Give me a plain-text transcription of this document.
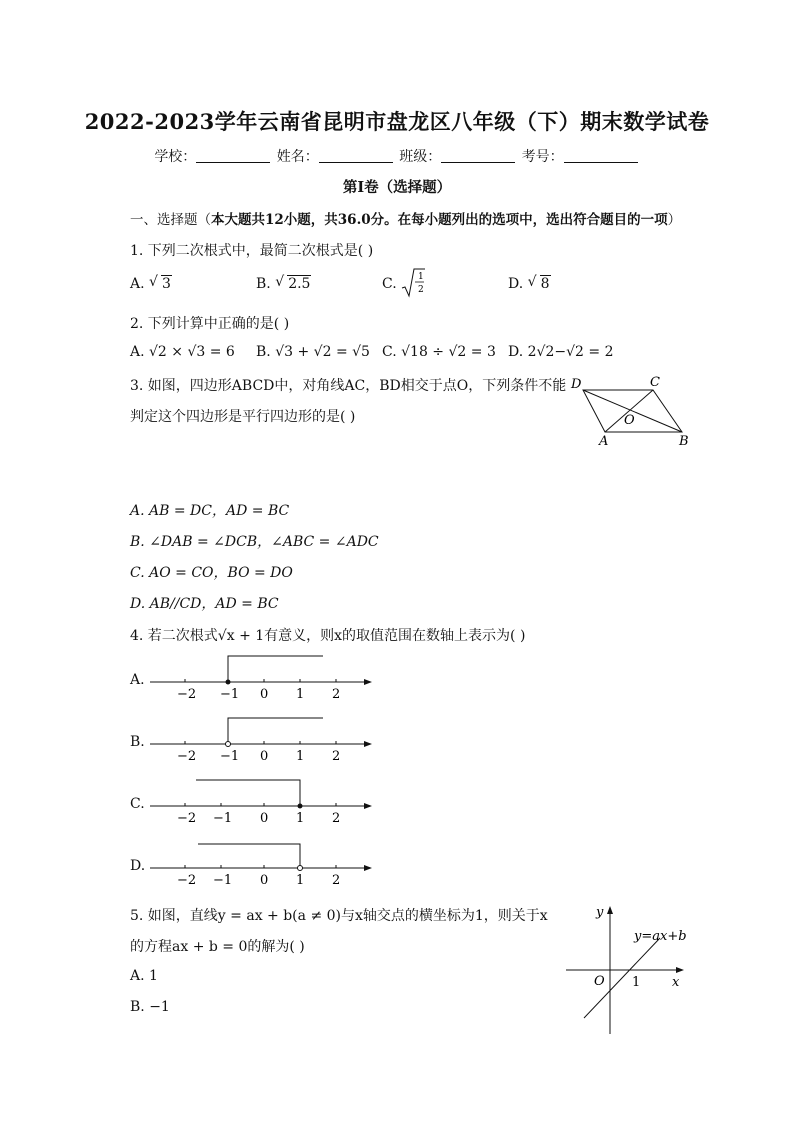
2022-2023学年云南省昆明市盘龙区八年级（下）期末数学试卷
学校：	姓名：	班级：	考号：
第Ⅰ卷（选择题）
一、选择题（本大题共12小题，共36.0分。在每小题列出的选项中，选出符合题目的一项）
1. 下列二次根式中，最简二次根式是( )
A. √ 3	B. √ 2.5	C. 1
2	D. √ 8
2. 下列计算中正确的是( )
A. √2 × √3 = 6 B. √3 + √2 = √5 C. √18 ÷ √2 = 3 D. 2√2−√2 = 2
3. 如图，四边形ABCD中，对角线AC，BD相交于点O，下列条件不能
判定这个四边形是平行四边形的是( )
D	C
O
A	B
A. AB = DC，AD = BC
B. ∠DAB = ∠DCB，∠ABC = ∠ADC
C. AO = CO，BO = DO
D. AB//CD，AD = BC
4. 若二次根式√x + 1有意义，则x的取值范围在数轴上表示为( )
A.
−2 −1 0 1 2
B.
−2 −1 0 1 2
C.
−2 −1 0 1 2
D.
−2 −1 0 1 2
5. 如图，直线y = ax + b(a ≠ 0)与x轴交点的横坐标为1，则关于x
的方程ax + b = 0的解为( )
A. 1
B. −1
y
x
O 1
y=ax+b
